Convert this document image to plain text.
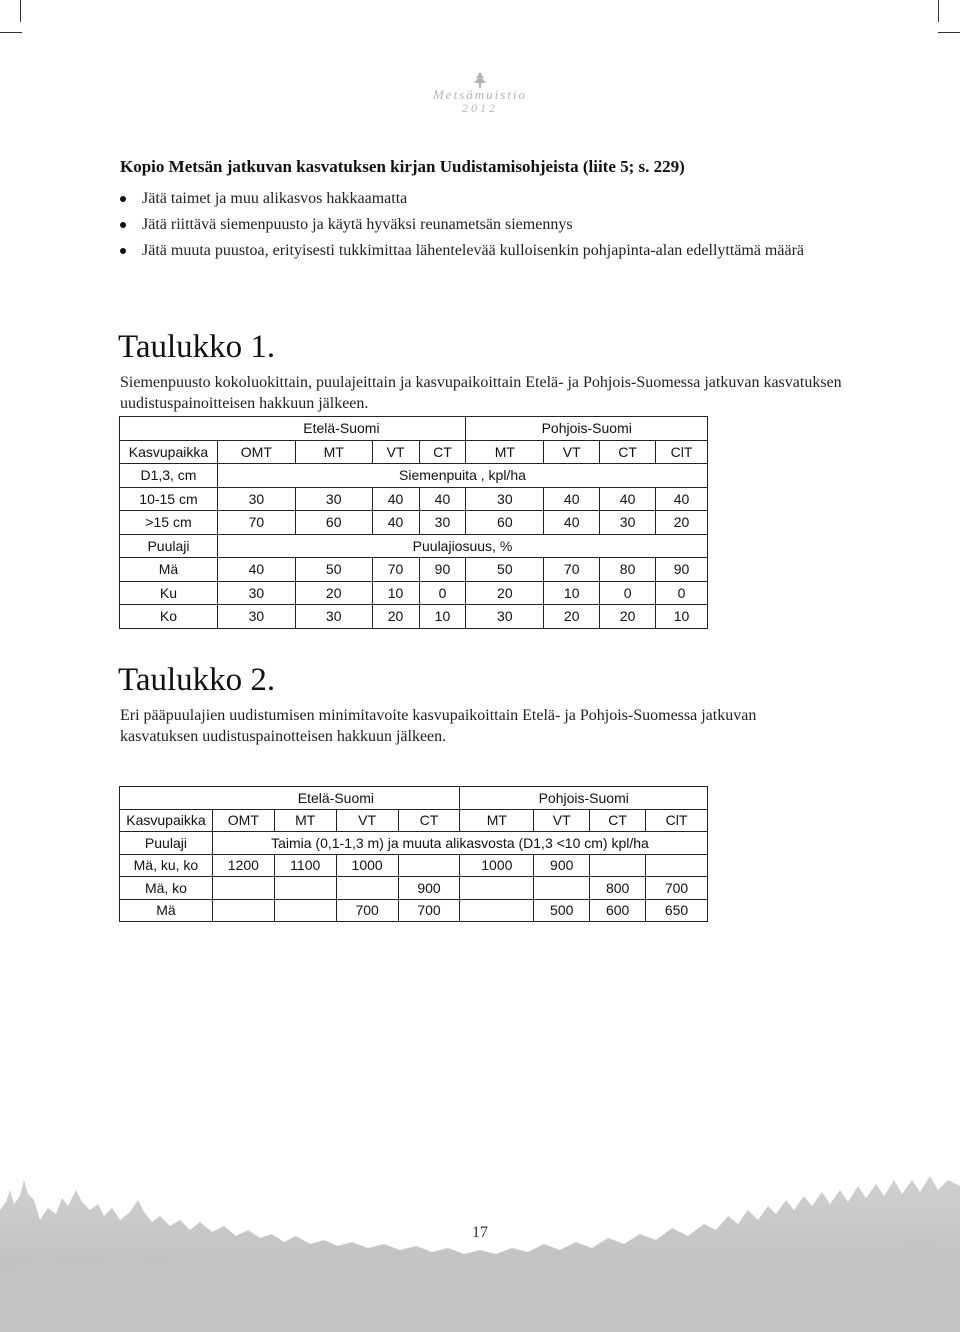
Metsämuistio
2012
Kopio Metsän jatkuvan kasvatuksen kirjan Uudistamisohjeista (liite 5; s. 229)
Jätä taimet ja muu alikasvos hakkaamatta
Jätä riittävä siemenpuusto ja käytä hyväksi reunametsän siemennys
Jätä muuta puustoa, erityisesti tukkimittaa lähentelevää kulloisenkin pohjapinta-alan edellyttämä määrä
Taulukko 1.
Siemenpuusto kokoluokittain, puulajeittain ja kasvupaikoittain Etelä- ja Pohjois-Suomessa jatkuvan kasvatuksen uudistuspainoitteisen hakkuun jälkeen.
	Etelä-Suomi				Pohjois-Suomi			
Kasvupaikka	OMT	MT	VT	CT	MT	VT	CT	ClT
D1,3, cm	Siemenpuita , kpl/ha							
10-15 cm	30	30	40	40	30	40	40	40
>15 cm	70	60	40	30	60	40	30	20
Puulaji	Puulajiosuus, %							
Mä	40	50	70	90	50	70	80	90
Ku	30	20	10	0	20	10	0	0
Ko	30	30	20	10	30	20	20	10
Taulukko 2.
Eri pääpuulajien uudistumisen minimitavoite kasvupaikoittain Etelä- ja Pohjois-Suomessa jatkuvan kasvatuksen uudistuspainotteisen hakkuun jälkeen.
	Etelä-Suomi				Pohjois-Suomi			
Kasvupaikka	OMT	MT	VT	CT	MT	VT	CT	ClT
Puulaji	Taimia (0,1-1,3 m) ja muuta alikasvosta (D1,3 <10 cm) kpl/ha							
Mä, ku, ko	1200	1100	1000		1000	900		
Mä, ko				900			800	700
Mä			700	700		500	600	650
17
